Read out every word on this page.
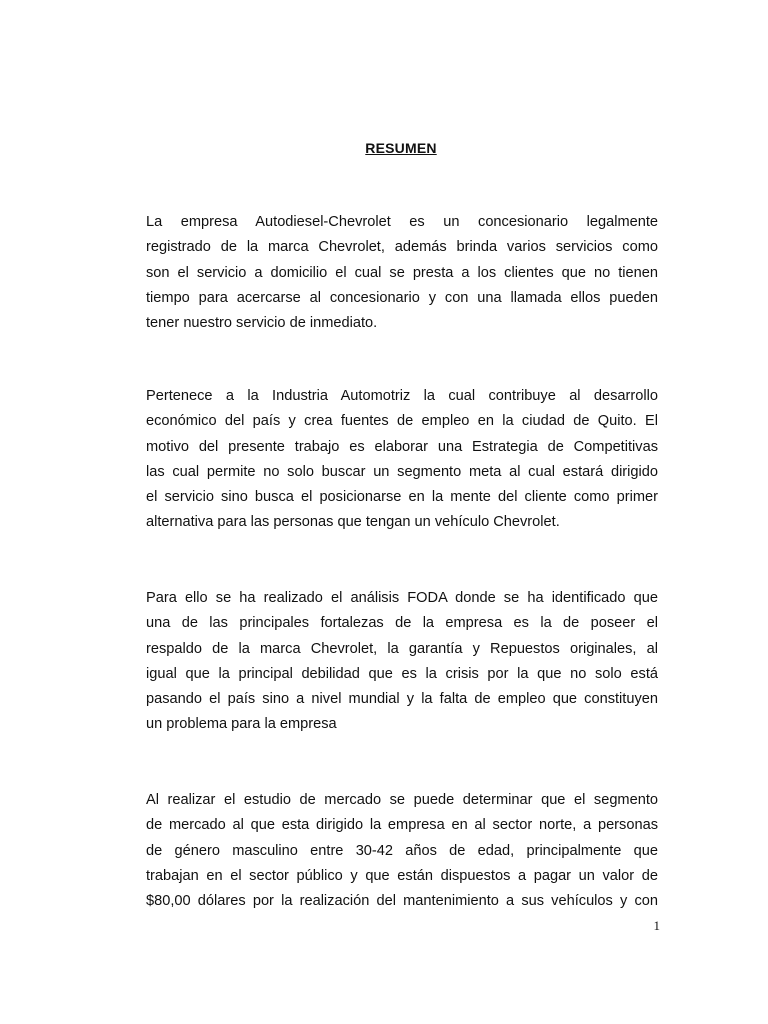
RESUMEN
La empresa Autodiesel-Chevrolet es un concesionario legalmente
registrado de la marca Chevrolet, además brinda varios servicios como
son el servicio a domicilio el cual se presta a los clientes que no tienen
tiempo para acercarse al concesionario y con una llamada ellos pueden
tener nuestro servicio de inmediato.
Pertenece a la Industria Automotriz la cual contribuye al desarrollo
económico del país y crea fuentes de empleo en la ciudad de Quito. El
motivo del presente trabajo es elaborar una Estrategia de Competitivas
las cual permite no solo buscar un segmento meta al cual estará dirigido
el servicio sino busca el posicionarse en la mente del cliente como primer
alternativa para las personas que tengan un vehículo Chevrolet.
Para ello se ha realizado el análisis FODA donde se ha identificado que
una de las principales fortalezas de la empresa es la de poseer el
respaldo de la marca Chevrolet, la garantía y Repuestos originales, al
igual que la principal debilidad que es la crisis por la que no solo está
pasando el país sino a nivel mundial y la falta de empleo que constituyen
un problema para la empresa
Al realizar el estudio de mercado se puede determinar que el segmento
de mercado al que esta dirigido la empresa en al sector norte, a personas
de género masculino entre 30-42 años de edad, principalmente que
trabajan en el sector público y que están dispuestos a pagar un valor de
$80,00 dólares por la realización del mantenimiento a sus vehículos y con
1
